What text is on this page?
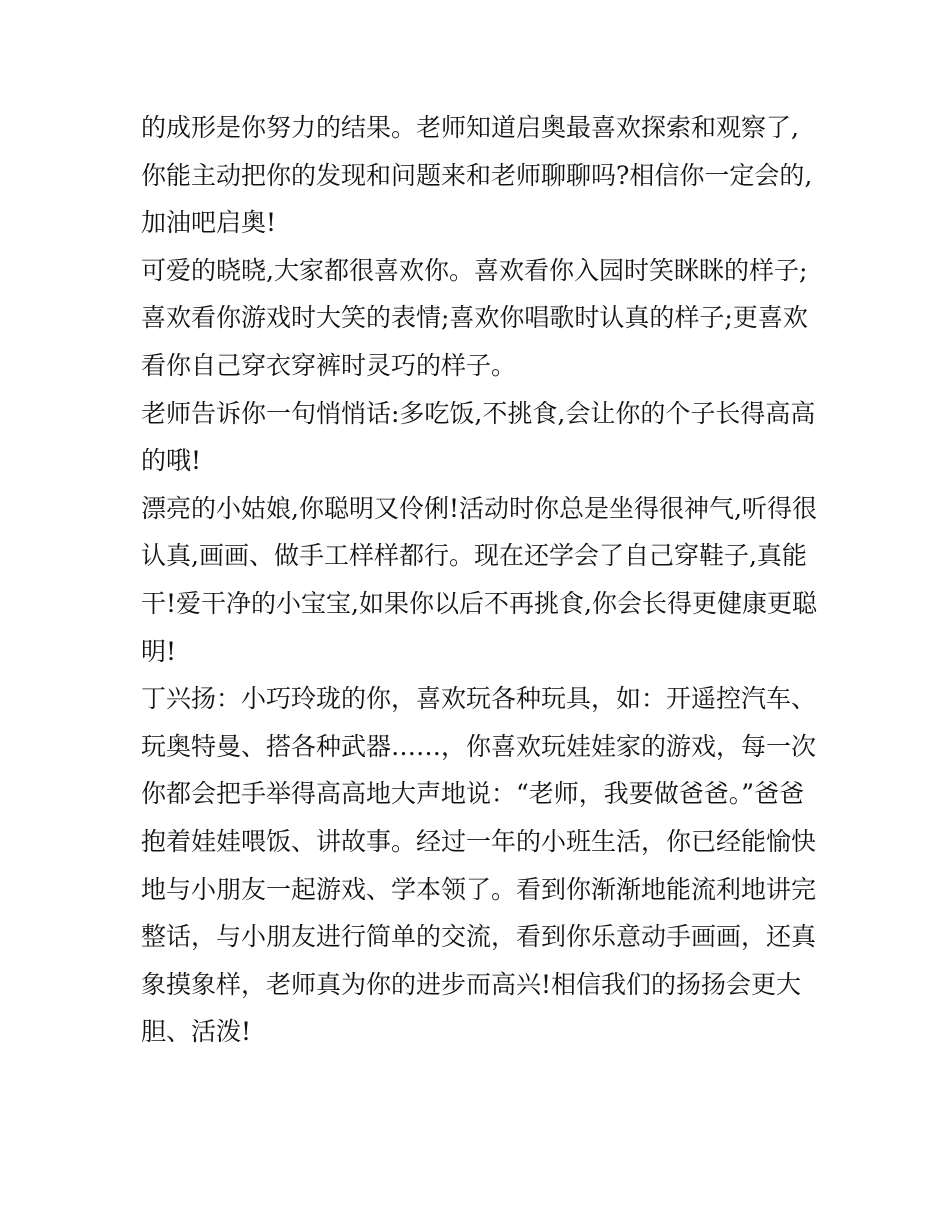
的成形是你努力的结果。老师知道启奥最喜欢探索和观察了,
你能主动把你的发现和问题来和老师聊聊吗?相信你一定会的,
加油吧启奥!
可爱的晓晓,大家都很喜欢你。喜欢看你入园时笑眯眯的样子;
喜欢看你游戏时大笑的表情;喜欢你唱歌时认真的样子;更喜欢
看你自己穿衣穿裤时灵巧的样子。
老师告诉你一句悄悄话:多吃饭,不挑食,会让你的个子长得高高
的哦!
漂亮的小姑娘,你聪明又伶俐!活动时你总是坐得很神气,听得很
认真,画画、做手工样样都行。现在还学会了自己穿鞋子,真能
干!爱干净的小宝宝,如果你以后不再挑食,你会长得更健康更聪
明!
丁兴扬：小巧玲珑的你，喜欢玩各种玩具，如：开遥控汽车、
玩奥特曼、搭各种武器……，你喜欢玩娃娃家的游戏，每一次
你都会把手举得高高地大声地说：“老师，我要做爸爸。”爸爸
抱着娃娃喂饭、讲故事。经过一年的小班生活，你已经能愉快
地与小朋友一起游戏、学本领了。看到你渐渐地能流利地讲完
整话，与小朋友进行简单的交流，看到你乐意动手画画，还真
象摸象样，老师真为你的进步而高兴!相信我们的扬扬会更大
胆、活泼!
